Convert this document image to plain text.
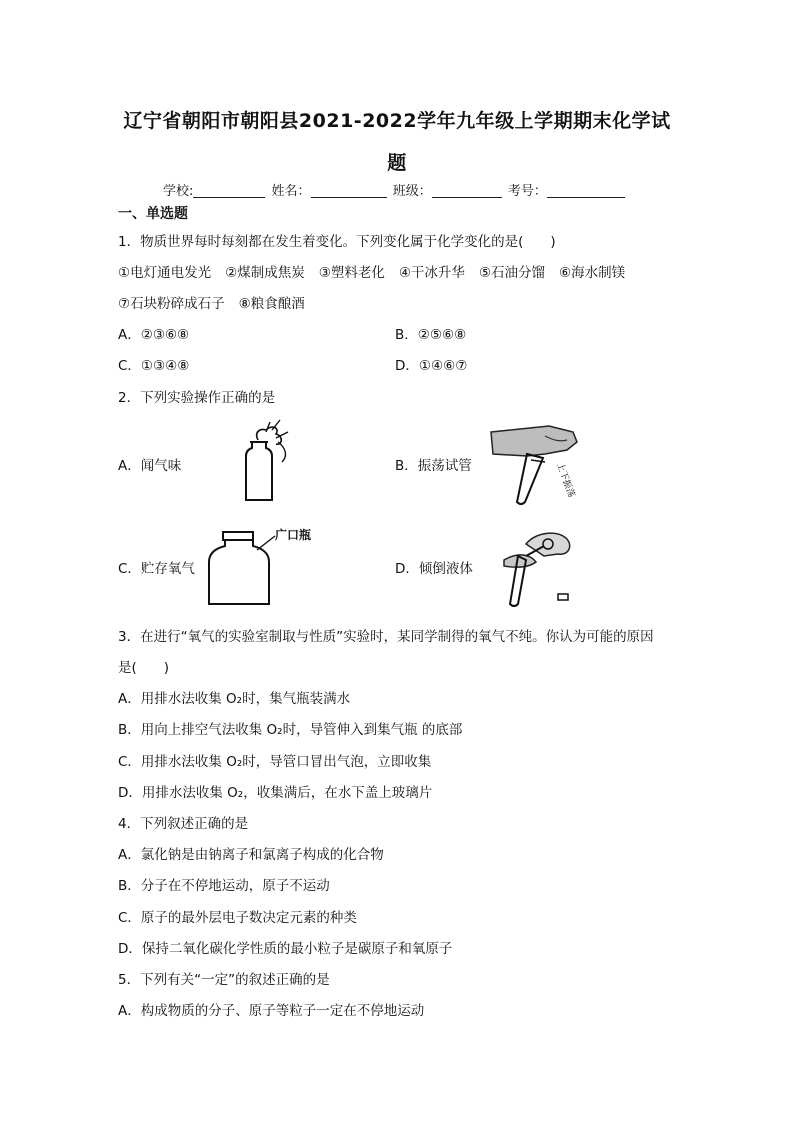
辽宁省朝阳市朝阳县2021-2022学年九年级上学期期末化学试
题
学校:	姓名：	班级：	考号：
一、单选题
1．物质世界每时每刻都在发生着变化。下列变化属于化学变化的是(　　)
①电灯通电发光 ②煤制成焦炭 ③塑料老化 ④干冰升华 ⑤石油分馏 ⑥海水制镁
⑦石块粉碎成石子 ⑧粮食酿酒
A．②③⑥⑧	B．②⑤⑥⑧
C．①③④⑧	D．①④⑥⑦
2．下列实验操作正确的是
A．闻气味	B．振荡试管
C．贮存氧气	D．倾倒液体
上下振荡
广口瓶
3．在进行“氧气的实验室制取与性质”实验时，某同学制得的氧气不纯。你认为可能的原因
是(　　)
A．用排水法收集 O₂时，集气瓶装满水
B．用向上排空气法收集 O₂时，导管伸入到集气瓶 的底部
C．用排水法收集 O₂时，导管口冒出气泡，立即收集
D．用排水法收集 O₂，收集满后，在水下盖上玻璃片
4．下列叙述正确的是
A．氯化钠是由钠离子和氯离子构成的化合物
B．分子在不停地运动，原子不运动
C．原子的最外层电子数决定元素的种类
D．保持二氧化碳化学性质的最小粒子是碳原子和氧原子
5．下列有关“一定”的叙述正确的是
A．构成物质的分子、原子等粒子一定在不停地运动
